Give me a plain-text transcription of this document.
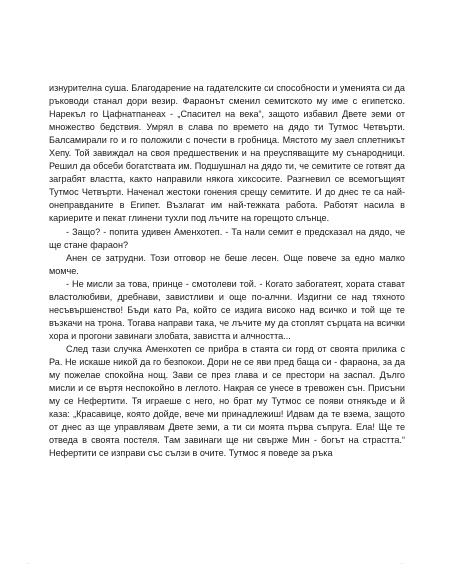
изнурителна суша. Благодарение на гадателските си способности и уменията си да ръководи станал дори везир. Фараонът сменил семитското му име с египетско. Нарекъл го Цафнатпанеах - „Спасител на века“, защото избавил Двете земи от множество бедствия. Умрял в слава по времето на дядо ти Тутмос Четвърти. Балсамирали го и го положили с почести в гробница. Мястото му заел сплетникът Хепу. Той завиждал на своя предшественик и на преуспяващите му сънародници. Решил да обсеби богатствата им. Подшушнал на дядо ти, че семитите се готвят да заграбят властта, както направили някога хиксосите. Разгневил се всемогъщият Тутмос Четвърти. Наченал жестоки гонения срещу семитите. И до днес те са най-онеправданите в Египет. Възлагат им най-тежката работа. Работят насила в кариерите и пекат глинени тухли под лъчите на горещото слънце.

- Защо? - попита удивен Аменхотеп. - Та нали семит е предсказал на дядо, че ще стане фараон?

Анен се затрудни. Този отговор не беше лесен. Още повече за едно малко момче.

- Не мисли за това, принце - смотолеви той. - Когато забогатеят, хората стават властолюбиви, дребнави, завистливи и още по-алчни. Издигни се над тяхното несъвършенство! Бъди като Ра, който се издига високо над всичко и той ще те възкачи на трона. Тогава направи така, че лъчите му да стоплят сърцата на всички хора и прогони завинаги злобата, завистта и алчността...

След тази случка Аменхотеп се прибра в стаята си горд от своята прилика с Ра. Не искаше никой да го безпокои. Дори не се яви пред баща си - фараона, за да му пожелае спокойна нощ. Зави се през глава и се престори на заспал. Дълго мисли и се въртя неспокойно в леглото. Накрая се унесе в тревожен сън. Присъни му се Нефертити. Тя играеше с него, но брат му Тутмос се появи отнякъде и й каза: „Красавице, която дойде, вече ми принадлежиш! Идвам да те взема, защото от днес аз ще управлявам Двете земи, а ти си моята първа съпруга. Ела! Ще те отведа в своята постеля. Там завинаги ще ни свърже Мин - богът на страстта.“ Нефертити се изправи със сълзи в очите. Тутмос я поведе за ръка

—	—
